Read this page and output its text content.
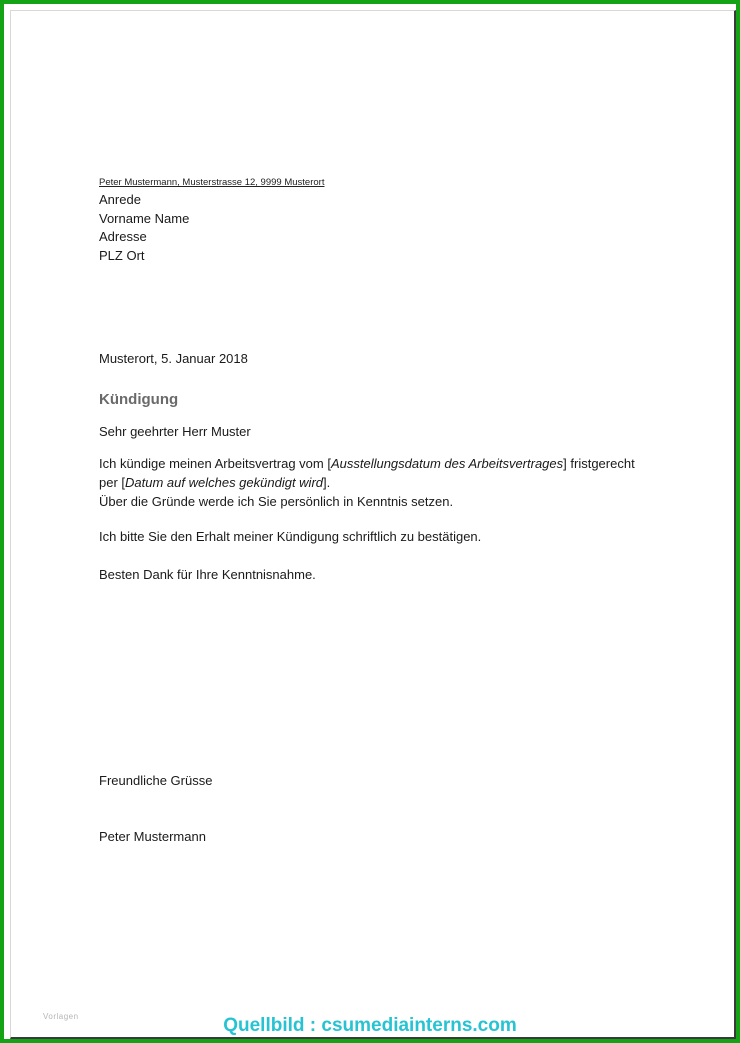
Peter Mustermann, Musterstrasse 12, 9999 Musterort
Anrede
Vorname Name
Adresse
PLZ Ort
Musterort, 5. Januar 2018
Kündigung
Sehr geehrter Herr Muster
Ich kündige meinen Arbeitsvertrag vom [Ausstellungsdatum des Arbeitsvertrages] fristgerecht
per [Datum auf welches gekündigt wird].
Über die Gründe werde ich Sie persönlich in Kenntnis setzen.
Ich bitte Sie den Erhalt meiner Kündigung schriftlich zu bestätigen.
Besten Dank für Ihre Kenntnisnahme.
Freundliche Grüsse
Peter Mustermann
Vorlagen	Quellbild : csumediainterns.com
